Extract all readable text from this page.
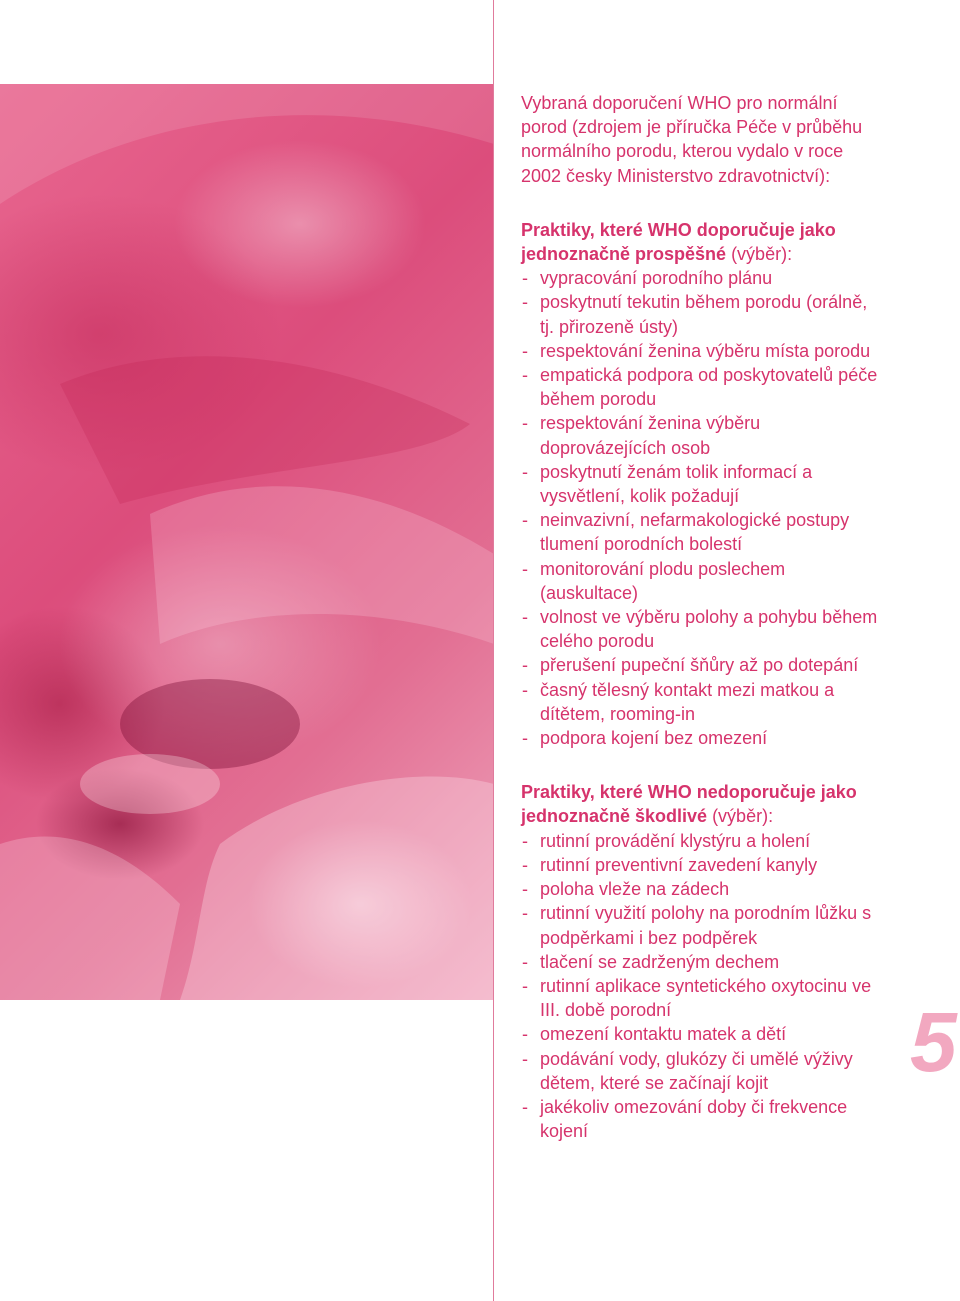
Vybraná doporučení WHO pro normální porod (zdrojem je příručka Péče v průběhu normálního porodu, kterou vydalo v roce 2002 česky Ministerstvo zdravotnictví):

Praktiky, které WHO doporučuje jako jednoznačně prospěšné (výběr):

- vypracování porodního plánu
- poskytnutí tekutin během porodu (orálně, tj. přirozeně ústy)
- respektování ženina výběru místa porodu
- empatická podpora od poskytovatelů péče během porodu
- respektování ženina výběru doprovázejících osob
- poskytnutí ženám tolik informací a vysvětlení, kolik požadují
- neinvazivní, nefarmakologické postupy tlumení porodních bolestí
- monitorování plodu poslechem (auskultace)
- volnost ve výběru polohy a pohybu během celého porodu
- přerušení pupeční šňůry až po dotepání
- časný tělesný kontakt mezi matkou a dítětem, rooming-in
- podpora kojení bez omezení

Praktiky, které WHO nedoporučuje jako jednoznačně škodlivé (výběr):

- rutinní provádění klystýru a holení
- rutinní preventivní zavedení kanyly
- poloha vleže na zádech
- rutinní využití polohy na porodním lůžku s podpěrkami i bez podpěrek
- tlačení se zadrženým dechem
- rutinní aplikace syntetického oxytocinu ve III. době porodní
- omezení kontaktu matek a dětí
- podávání vody, glukózy či umělé výživy dětem, které se začínají kojit
- jakékoliv omezování doby či frekvence kojení
5
